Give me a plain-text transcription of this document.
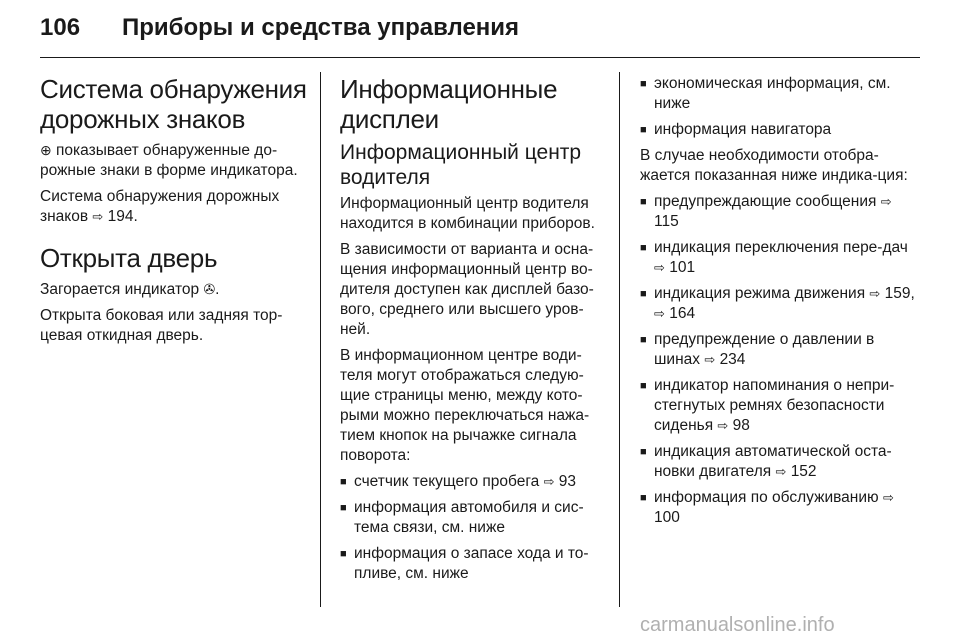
106 Приборы и средства управления
Система обнаружения дорожных знаков

⊕ показывает обнаруженные до-рожные знаки в форме индикатора.

Система обнаружения дорожных знаков ⇨ 194.

Открыта дверь

Загорается индикатор ✇.

Открыта боковая или задняя тор-цевая откидная дверь.

Информационные дисплеи
Информационный центр водителя

Информационный центр водителя находится в комбинации приборов.

В зависимости от варианта и осна-щения информационный центр во-дителя доступен как дисплей базо-вого, среднего или высшего уров-ней.

В информационном центре води-теля могут отображаться следую-щие страницы меню, между кото-рыми можно переключаться нажа-тием кнопок на рычажке сигнала поворота:

■ счетчик текущего пробега ⇨ 93
■ информация автомобиля и сис-тема связи, см. ниже
■ информация о запасе хода и то-пливе, см. ниже
■ экономическая информация, см. ниже
■ информация навигатора

В случае необходимости отобра-жается показанная ниже индика-ция:

■ предупреждающие сообщения ⇨ 115
■ индикация переключения пере-дач ⇨ 101
■ индикация режима движения ⇨ 159, ⇨ 164
■ предупреждение о давлении в шинах ⇨ 234
■ индикатор напоминания о непри-стегнутых ремнях безопасности сиденья ⇨ 98
■ индикация автоматической оста-новки двигателя ⇨ 152
■ информация по обслуживанию ⇨ 100
carmanualsonline.info
